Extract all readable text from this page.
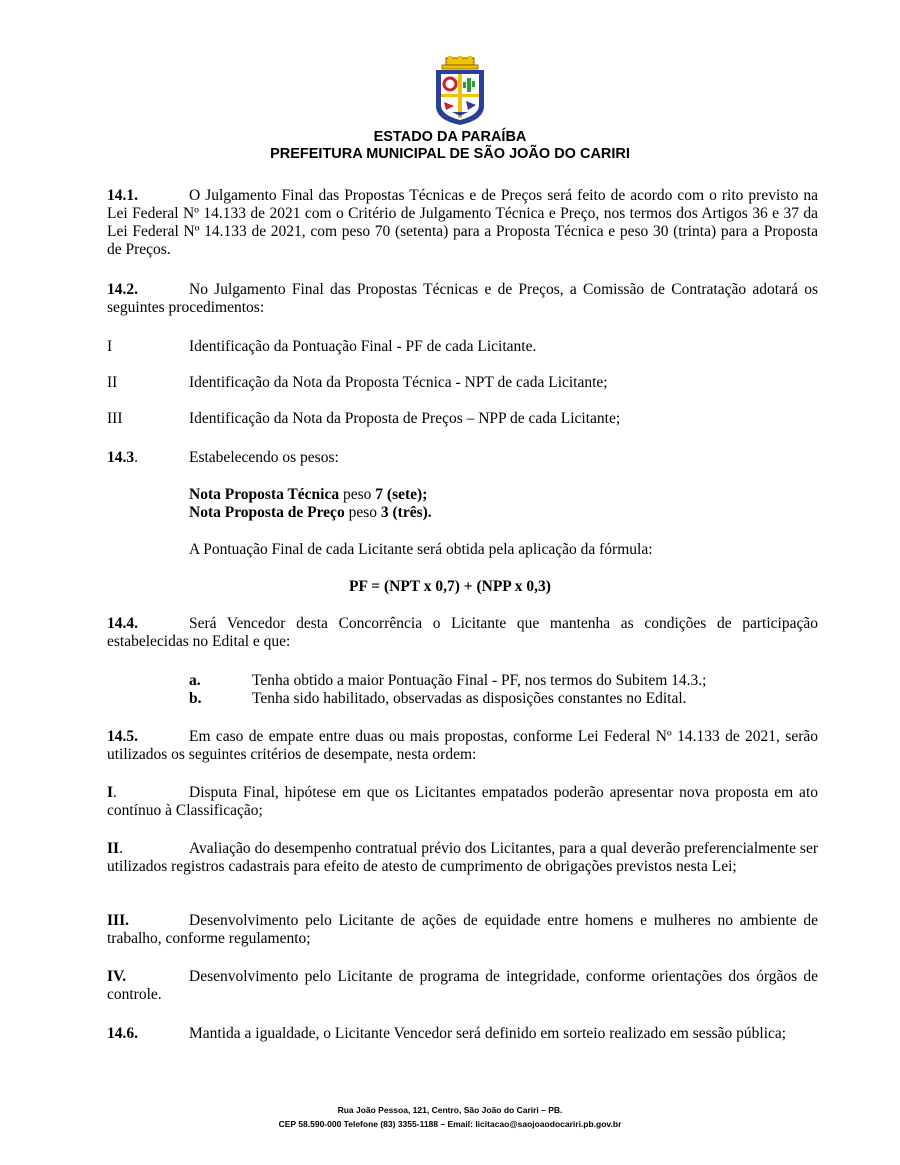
ESTADO DA PARAÍBA
PREFEITURA MUNICIPAL DE SÃO JOÃO DO CARIRI
14.1.	O Julgamento Final das Propostas Técnicas e de Preços será feito de acordo com o rito previsto na Lei Federal Nº 14.133 de 2021 com o Critério de Julgamento Técnica e Preço, nos termos dos Artigos 36 e 37 da Lei Federal Nº 14.133 de 2021, com peso 70 (setenta) para a Proposta Técnica e peso 30 (trinta) para a Proposta de Preços.
14.2.	No Julgamento Final das Propostas Técnicas e de Preços, a Comissão de Contratação adotará os seguintes procedimentos:
I	Identificação da Pontuação Final - PF de cada Licitante.
II	Identificação da Nota da Proposta Técnica - NPT de cada Licitante;
III	Identificação da Nota da Proposta de Preços – NPP de cada Licitante;
14.3.	Estabelecendo os pesos:
Nota Proposta Técnica peso 7 (sete);
Nota Proposta de Preço peso 3 (três).
A Pontuação Final de cada Licitante será obtida pela aplicação da fórmula:
PF = (NPT x 0,7) + (NPP x 0,3)
14.4.	Será Vencedor desta Concorrência o Licitante que mantenha as condições de participação estabelecidas no Edital e que:
a.	Tenha obtido a maior Pontuação Final - PF, nos termos do Subitem 14.3.;
b.	Tenha sido habilitado, observadas as disposições constantes no Edital.
14.5.	Em caso de empate entre duas ou mais propostas, conforme Lei Federal Nº 14.133 de 2021, serão utilizados os seguintes critérios de desempate, nesta ordem:
I.	Disputa Final, hipótese em que os Licitantes empatados poderão apresentar nova proposta em ato contínuo à Classificação;
II.	Avaliação do desempenho contratual prévio dos Licitantes, para a qual deverão preferencialmente ser utilizados registros cadastrais para efeito de atesto de cumprimento de obrigações previstos nesta Lei;
III.	Desenvolvimento pelo Licitante de ações de equidade entre homens e mulheres no ambiente de trabalho, conforme regulamento;
IV.	Desenvolvimento pelo Licitante de programa de integridade, conforme orientações dos órgãos de controle.
14.6.	Mantida a igualdade, o Licitante Vencedor será definido em sorteio realizado em sessão pública;
Rua João Pessoa, 121, Centro, São João do Cariri – PB.
CEP 58.590-000 Telefone (83) 3355-1188 – Email: licitacao@saojoaodocariri.pb.gov.br
